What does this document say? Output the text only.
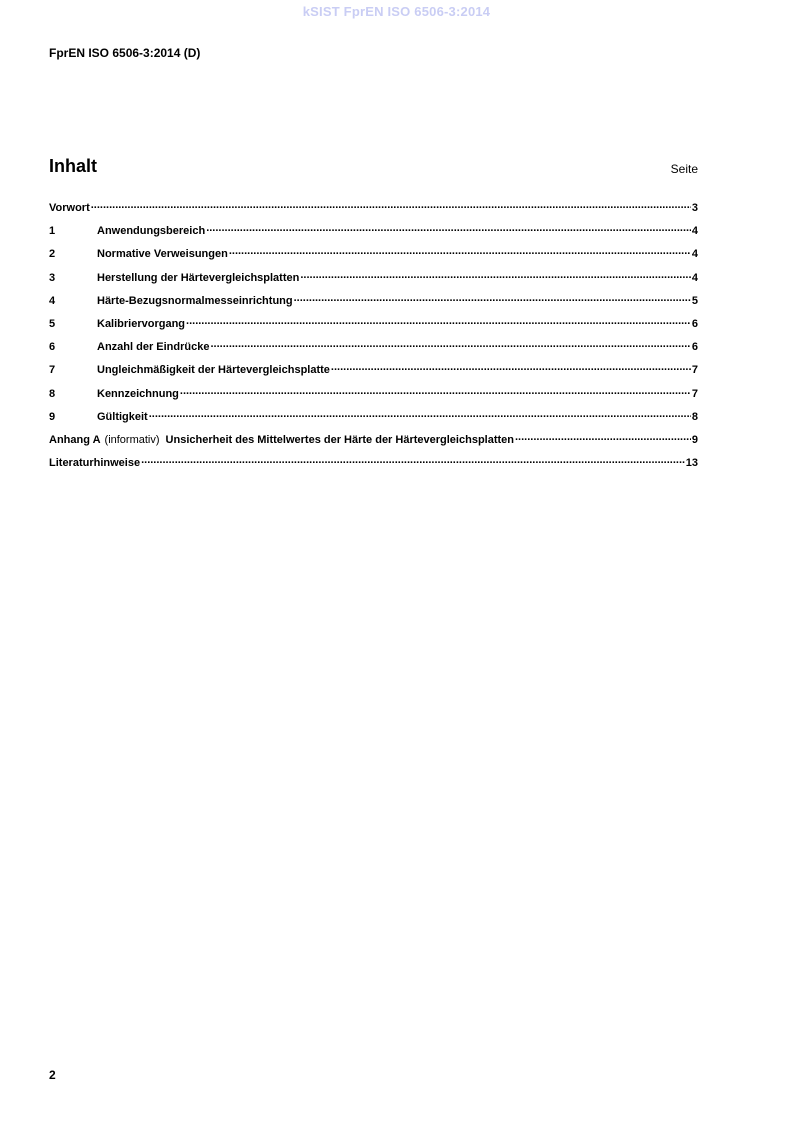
kSIST FprEN ISO 6506-3:2014
FprEN ISO 6506-3:2014 (D)
Inhalt	Seite
Vorwort .....	3
1	Anwendungsbereich .....	4
2	Normative Verweisungen .....	4
3	Herstellung der Härtevergleichsplatten .....	4
4	Härte-Bezugsnormalmesseinrichtung .....	5
5	Kalibriervorgang .....	6
6	Anzahl der Eindrücke .....	6
7	Ungleichmäßigkeit der Härtevergleichsplatte .....	7
8	Kennzeichnung .....	7
9	Gültigkeit .....	8
Anhang A (informativ) Unsicherheit des Mittelwertes der Härte der Härtevergleichsplatten .....	9
Literaturhinweise .....	13
2
